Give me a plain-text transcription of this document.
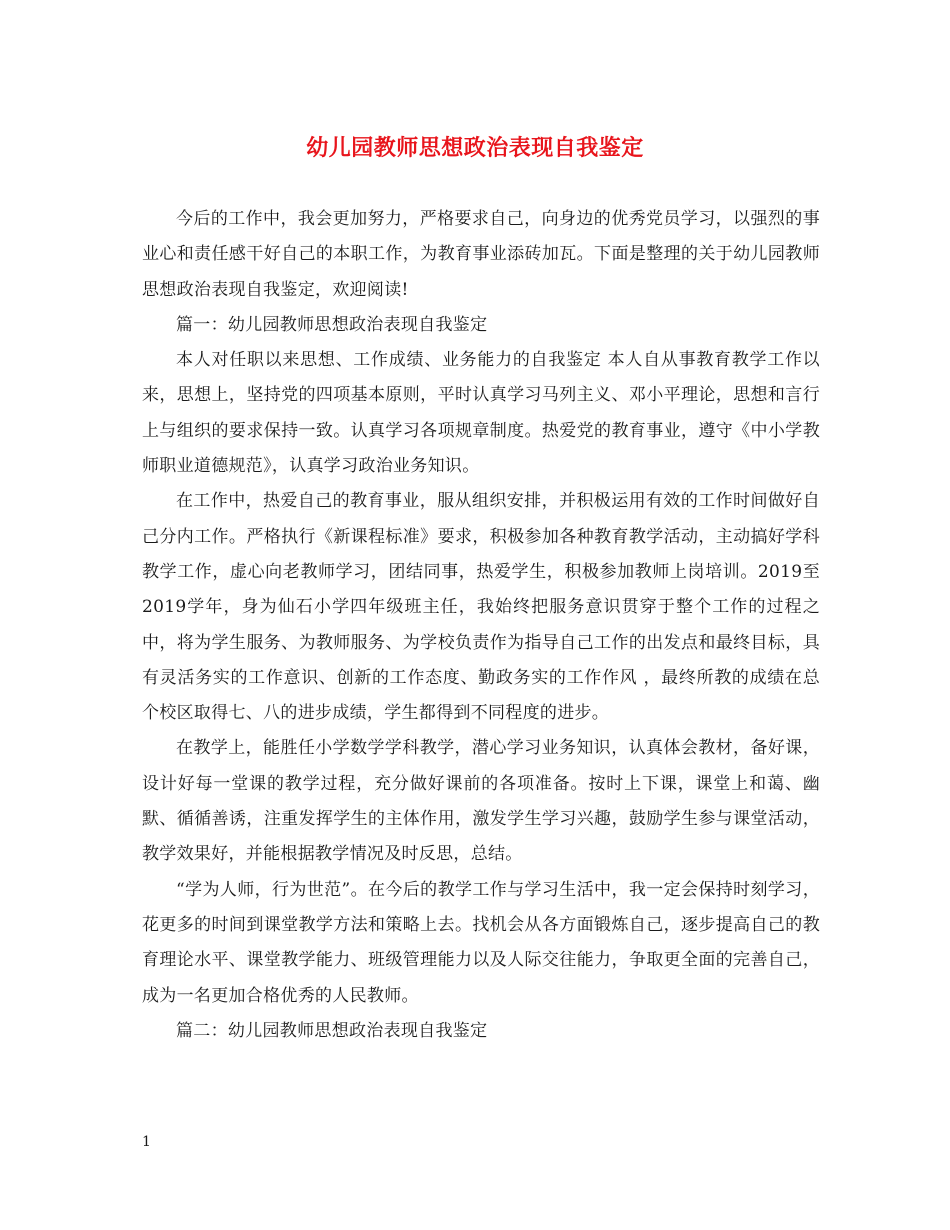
幼儿园教师思想政治表现自我鉴定

今后的工作中，我会更加努力，严格要求自己，向身边的优秀党员学习，以强烈的事业心和责任感干好自己的本职工作，为教育事业添砖加瓦。下面是整理的关于幼儿园教师思想政治表现自我鉴定，欢迎阅读!

篇一：幼儿园教师思想政治表现自我鉴定

本人对任职以来思想、工作成绩、业务能力的自我鉴定 本人自从事教育教学工作以来，思想上，坚持党的四项基本原则，平时认真学习马列主义、邓小平理论，思想和言行上与组织的要求保持一致。认真学习各项规章制度。热爱党的教育事业，遵守《中小学教师职业道德规范》，认真学习政治业务知识。

在工作中，热爱自己的教育事业，服从组织安排，并积极运用有效的工作时间做好自己分内工作。严格执行《新课程标准》要求，积极参加各种教育教学活动，主动搞好学科教学工作，虚心向老教师学习，团结同事，热爱学生，积极参加教师上岗培训。2019至2019学年，身为仙石小学四年级班主任，我始终把服务意识贯穿于整个工作的过程之中，将为学生服务、为教师服务、为学校负责作为指导自己工作的出发点和最终目标，具有灵活务实的工作意识、创新的工作态度、勤政务实的工作作风 ，最终所教的成绩在总个校区取得七、八的进步成绩，学生都得到不同程度的进步。

在教学上，能胜任小学数学学科教学，潜心学习业务知识，认真体会教材，备好课，设计好每一堂课的教学过程，充分做好课前的各项准备。按时上下课，课堂上和蔼、幽默、循循善诱，注重发挥学生的主体作用，激发学生学习兴趣，鼓励学生参与课堂活动，教学效果好，并能根据教学情况及时反思，总结。

“学为人师，行为世范”。在今后的教学工作与学习生活中，我一定会保持时刻学习，花更多的时间到课堂教学方法和策略上去。找机会从各方面锻炼自己，逐步提高自己的教育理论水平、课堂教学能力、班级管理能力以及人际交往能力，争取更全面的完善自己，成为一名更加合格优秀的人民教师。

篇二：幼儿园教师思想政治表现自我鉴定

1
